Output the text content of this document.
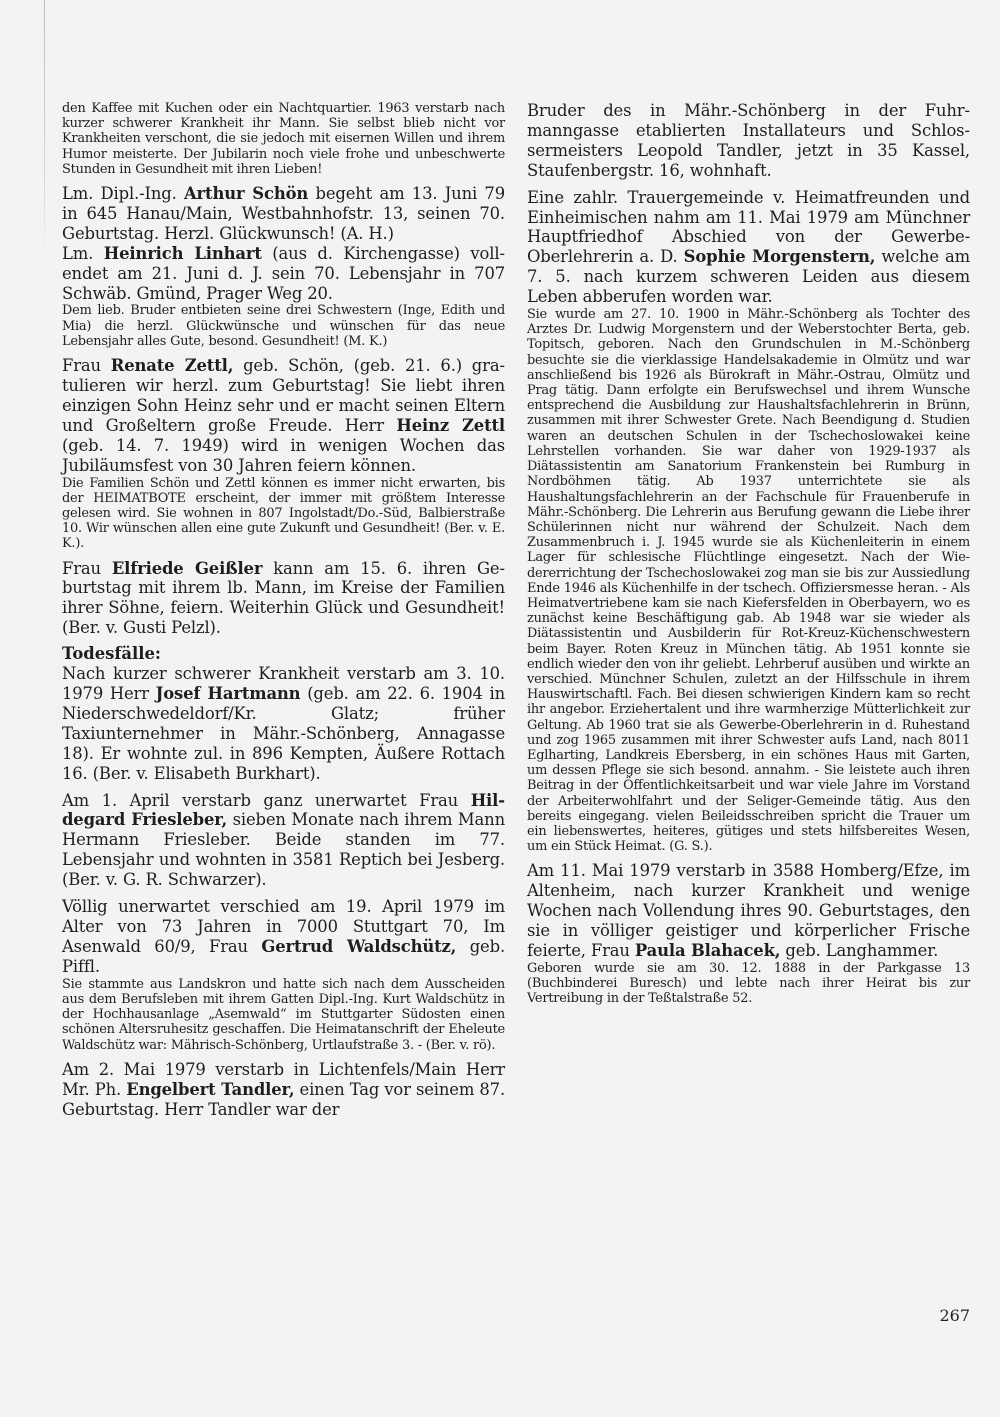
den Kaffee mit Kuchen oder ein Nachtquartier. 1963 verstarb nach kurzer schwerer Krankheit ihr Mann. Sie selbst blieb nicht vor Krankheiten verschont, die sie jedoch mit eisernen Willen und ihrem Humor meisterte. Der Jubilarin noch viele frohe und unbeschwerte Stunden in Gesundheit mit ihren Lieben!

Lm. Dipl.-Ing. Arthur Schön begeht am 13. Juni 79 in 645 Hanau/Main, Westbahnhofstr. 13, seinen 70. Geburtstag. Herzl. Glückwunsch! (A. H.)

Lm. Heinrich Linhart (aus d. Kirchengasse) vollendet am 21. Juni d. J. sein 70. Lebensjahr in 707 Schwäb. Gmünd, Prager Weg 20.

Dem lieb. Bruder entbieten seine drei Schwestern (Inge, Edith und Mia) die herzl. Glückwünsche und wünschen für das neue Lebensjahr alles Gute, besond. Gesundheit! (M. K.)

Frau Renate Zettl, geb. Schön, (geb. 21. 6.) gratulieren wir herzl. zum Geburtstag! Sie liebt ihren einzigen Sohn Heinz sehr und er macht seinen Eltern und Großeltern große Freude. Herr Heinz Zettl (geb. 14. 7. 1949) wird in wenigen Wochen das Jubiläumsfest von 30 Jahren feiern können.

Die Familien Schön und Zettl können es immer nicht erwarten, bis der HEIMATBOTE erscheint, der immer mit größtem Interesse gelesen wird. Sie wohnen in 807 Ingolstadt/Do.-Süd, Balbierstraße 10. Wir wünschen allen eine gute Zukunft und Gesundheit! (Ber. v. E. K.).

Frau Elfriede Geißler kann am 15. 6. ihren Geburtstag mit ihrem lb. Mann, im Kreise der Familien ihrer Söhne, feiern. Weiterhin Glück und Gesundheit! (Ber. v. Gusti Pelzl).

Todesfälle:

Nach kurzer schwerer Krankheit verstarb am 3. 10. 1979 Herr Josef Hartmann (geb. am 22. 6. 1904 in Niederschwedeldorf/Kr. Glatz; früher Taxiunternehmer in Mähr.-Schönberg, Annagasse 18). Er wohnte zul. in 896 Kempten, Äußere Rottach 16. (Ber. v. Elisabeth Burkhart).

Am 1. April verstarb ganz unerwartet Frau Hildegard Friesleber, sieben Monate nach ihrem Mann Hermann Friesleber. Beide standen im 77. Lebensjahr und wohnten in 3581 Reptich bei Jesberg. (Ber. v. G. R. Schwarzer).

Völlig unerwartet verschied am 19. April 1979 im Alter von 73 Jahren in 7000 Stuttgart 70, Im Asenwald 60/9, Frau Gertrud Waldschütz, geb. Piffl.

Sie stammte aus Landskron und hatte sich nach dem Ausscheiden aus dem Berufsleben mit ihrem Gatten Dipl.-Ing. Kurt Waldschütz in der Hochhausanlage „Asemwald“ im Stuttgarter Südosten einen schönen Altersruhesitz geschaffen. Die Heimatanschrift der Eheleute Waldschütz war: Mährisch-Schönberg, Urtlaufstraße 3. - (Ber. v. rö).

Am 2. Mai 1979 verstarb in Lichtenfels/Main Herr Mr. Ph. Engelbert Tandler, einen Tag vor seinem 87. Geburtstag. Herr Tandler war der

Bruder des in Mähr.-Schönberg in der Fuhrmanngasse etablierten Installateurs und Schlossermeisters Leopold Tandler, jetzt in 35 Kassel, Staufenbergstr. 16, wohnhaft.

Eine zahlr. Trauergemeinde v. Heimatfreunden und Einheimischen nahm am 11. Mai 1979 am Münchner Hauptfriedhof Abschied von der Gewerbe-Oberlehrerin a. D. Sophie Morgenstern, welche am 7. 5. nach kurzem schweren Leiden aus diesem Leben abberufen worden war.

Sie wurde am 27. 10. 1900 in Mähr.-Schönberg als Tochter des Arztes Dr. Ludwig Morgenstern und der Weberstochter Berta, geb. Topitsch, geboren. Nach den Grundschulen in M.-Schönberg besuchte sie die vierklassige Handelsakademie in Olmütz und war anschließend bis 1926 als Bürokraft in Mähr.-Ostrau, Olmütz und Prag tätig. Dann erfolgte ein Berufswechsel und ihrem Wunsche entsprechend die Ausbildung zur Haushaltsfachlehrerin in Brünn, zusammen mit ihrer Schwester Grete. Nach Beendigung d. Studien waren an deutschen Schulen in der Tschechoslowakei keine Lehrstellen vorhanden. Sie war daher von 1929-1937 als Diätassistentin am Sanatorium Frankenstein bei Rumburg in Nordböhmen tätig. Ab 1937 unterrichtete sie als Haushaltungsfachlehrerin an der Fachschule für Frauenberufe in Mähr.-Schönberg. Die Lehrerin aus Berufung gewann die Liebe ihrer Schülerinnen nicht nur während der Schulzeit. Nach dem Zusammenbruch i. J. 1945 wurde sie als Küchenleiterin in einem Lager für schlesische Flüchtlinge eingesetzt. Nach der Wiedererrichtung der Tschechoslowakei zog man sie bis zur Aussiedlung Ende 1946 als Küchenhilfe in der tschech. Offiziersmesse heran. - Als Heimatvertriebene kam sie nach Kiefersfelden in Oberbayern, wo es zunächst keine Beschäftigung gab. Ab 1948 war sie wieder als Diätassistentin und Ausbilderin für Rot-Kreuz-Küchenschwestern beim Bayer. Roten Kreuz in München tätig. Ab 1951 konnte sie endlich wieder den von ihr geliebt. Lehrberuf ausüben und wirkte an verschied. Münchner Schulen, zuletzt an der Hilfsschule in ihrem Hauswirtschaftl. Fach. Bei diesen schwierigen Kindern kam so recht ihr angebor. Erziehertalent und ihre warmherzige Mütterlichkeit zur Geltung. Ab 1960 trat sie als Gewerbe-Oberlehrerin in d. Ruhestand und zog 1965 zusammen mit ihrer Schwester aufs Land, nach 8011 Eglharting, Landkreis Ebersberg, in ein schönes Haus mit Garten, um dessen Pflege sie sich besond. annahm. - Sie leistete auch ihren Beitrag in der Öffentlichkeitsarbeit und war viele Jahre im Vorstand der Arbeiterwohlfahrt und der Seliger-Gemeinde tätig. Aus den bereits eingegang. vielen Beileidsschreiben spricht die Trauer um ein liebenswertes, heiteres, gütiges und stets hilfsbereites Wesen, um ein Stück Heimat. (G. S.).

Am 11. Mai 1979 verstarb in 3588 Homberg/Efze, im Altenheim, nach kurzer Krankheit und wenige Wochen nach Vollendung ihres 90. Geburtstages, den sie in völliger geistiger und körperlicher Frische feierte, Frau Paula Blahacek, geb. Langhammer.

Geboren wurde sie am 30. 12. 1888 in der Parkgasse 13 (Buchbinderei Buresch) und lebte nach ihrer Heirat bis zur Vertreibung in der Teßtalstraße 52.

267
